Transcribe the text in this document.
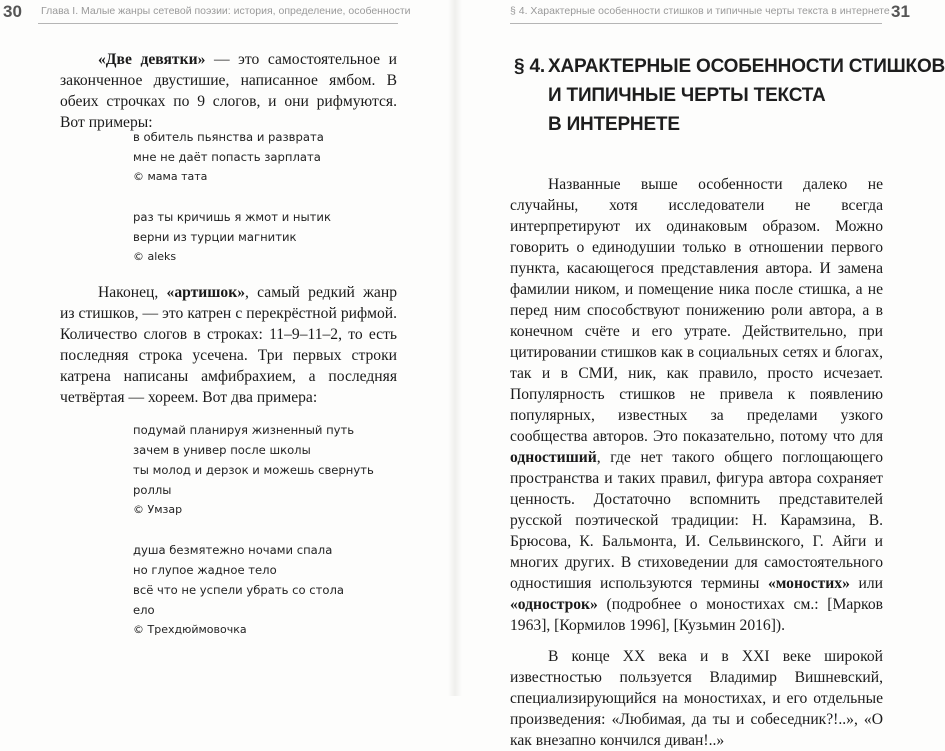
30 Глава I. Малые жанры сетевой поэзии: история, определение, особенности

«Две девятки» — это самостоятельное и законченное двустишие, написанное ямбом. В обеих строчках по 9 слогов, и они рифмуются. Вот примеры:

в обитель пьянства и разврата
мне не даёт попасть зарплата
© мама тата
раз ты кричишь я жмот и нытик
верни из турции магнитик
© aleks

Наконец, «артишок», самый редкий жанр из стишков, — это катрен с перекрёстной рифмой. Количество слогов в строках: 11–9–11–2, то есть последняя строка усечена. Три первых строки катрена написаны амфибрахием, а последняя четвёртая — хореем. Вот два примера:

подумай планируя жизненный путь
зачем в универ после школы
ты молод и дерзок и можешь свернуть
роллы
© Умзар
душа безмятежно ночами спала
но глупое жадное тело
всё что не успели убрать со стола
ело
© Трехдюймовочка
§ 4. Характерные особенности стишков и типичные черты текста в интернете 31
§ 4. ХАРАКТЕРНЫЕ ОСОБЕННОСТИ СТИШКОВ
И ТИПИЧНЫЕ ЧЕРТЫ ТЕКСТА
В ИНТЕРНЕТЕ

Названные выше особенности далеко не случайны, хотя исследователи не всегда интерпретируют их одинаковым образом. Можно говорить о единодушии только в отношении первого пункта, касающегося представления автора. И замена фамилии ником, и помещение ника после стишка, а не перед ним способствуют понижению роли автора, а в конечном счёте и его утрате. Действительно, при цитировании стишков как в социальных сетях и блогах, так и в СМИ, ник, как правило, просто исчезает. Популярность стишков не привела к появлению популярных, известных за пределами узкого сообщества авторов. Это показательно, потому что для одностиший, где нет такого общего поглощающего пространства и таких правил, фигура автора сохраняет ценность. Достаточно вспомнить представителей русской поэтической традиции: Н. Карамзина, В. Брюсова, К. Бальмонта, И. Сельвинского, Г. Айги и многих других. В стиховедении для самостоятельного одностишия используются термины «моностих» или «однострок» (подробнее о моностихах см.: [Марков 1963], [Кормилов 1996], [Кузьмин 2016]).

В конце XX века и в XXI веке широкой известностью пользуется Владимир Вишневский, специализирующийся на моностихах, и его отдельные произведения: «Любимая, да ты и собеседник?!..», «О как внезапно кончился диван!..»
